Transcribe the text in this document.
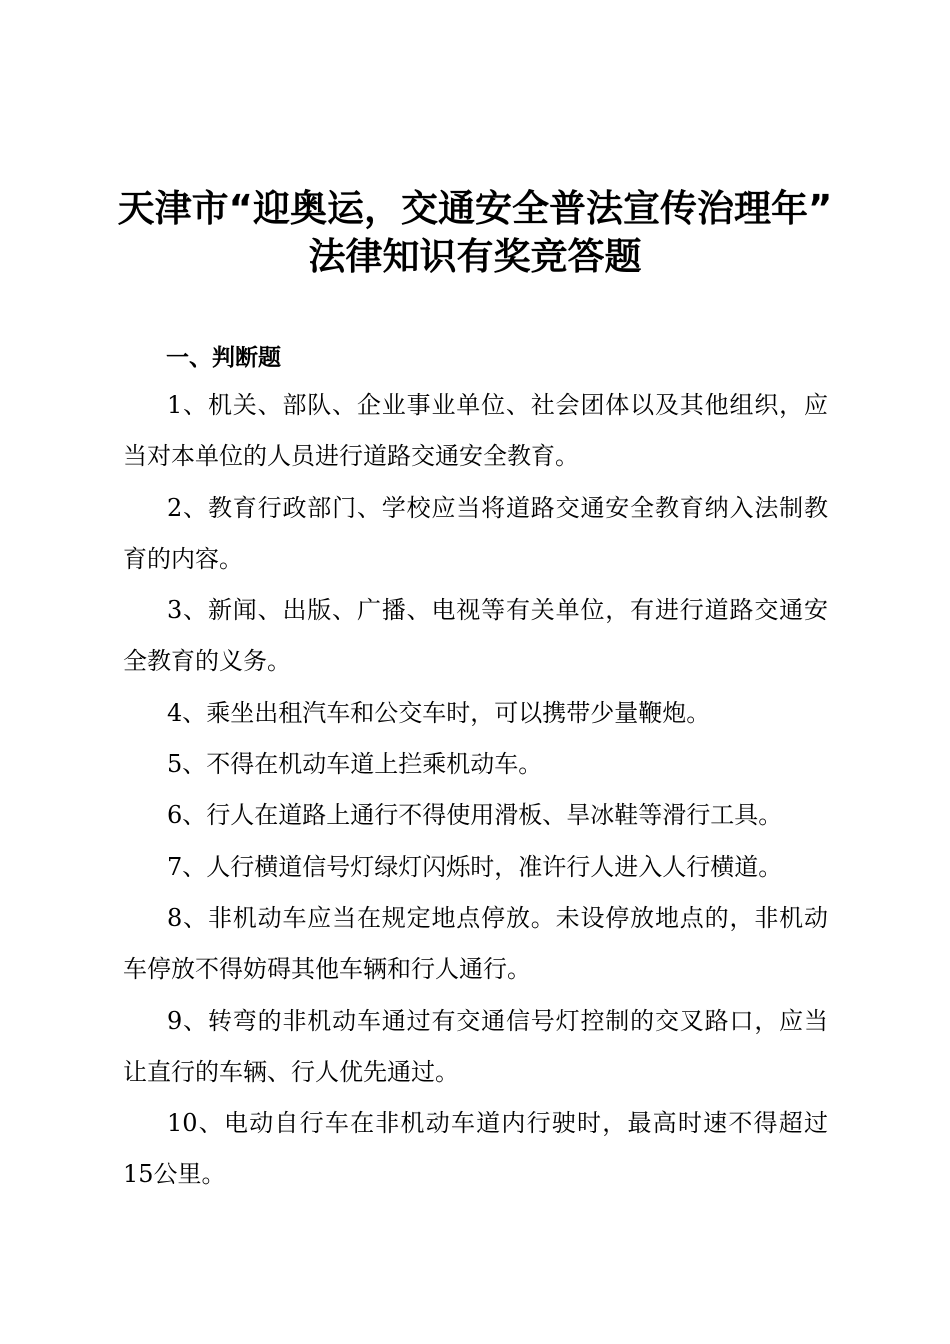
天津市“迎奥运，交通安全普法宣传治理年”
法律知识有奖竞答题
一、判断题

1、机关、部队、企业事业单位、社会团体以及其他组织，应当对本单位的人员进行道路交通安全教育。

2、教育行政部门、学校应当将道路交通安全教育纳入法制教育的内容。

3、新闻、出版、广播、电视等有关单位，有进行道路交通安全教育的义务。

4、乘坐出租汽车和公交车时，可以携带少量鞭炮。

5、不得在机动车道上拦乘机动车。

6、行人在道路上通行不得使用滑板、旱冰鞋等滑行工具。

7、人行横道信号灯绿灯闪烁时，准许行人进入人行横道。

8、非机动车应当在规定地点停放。未设停放地点的，非机动车停放不得妨碍其他车辆和行人通行。

9、转弯的非机动车通过有交通信号灯控制的交叉路口，应当让直行的车辆、行人优先通过。

10、电动自行车在非机动车道内行驶时，最高时速不得超过15公里。
